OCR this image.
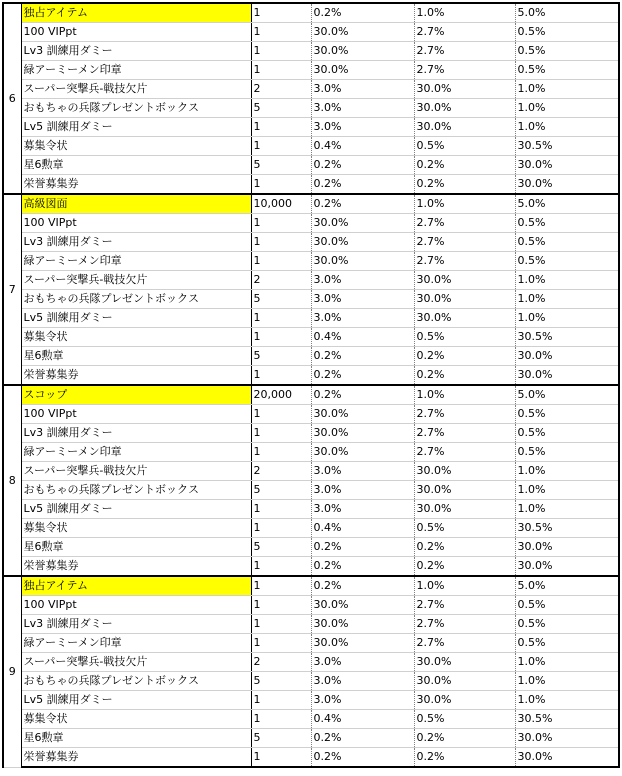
6	独占アイテム	1	0.2%	1.0%	5.0%
	100 VIPpt	1	30.0%	2.7%	0.5%
	Lv3 訓練用ダミー	1	30.0%	2.7%	0.5%
	緑アーミーメン印章	1	30.0%	2.7%	0.5%
	スーパー突撃兵-戦技欠片	2	3.0%	30.0%	1.0%
	おもちゃの兵隊プレゼントボックス	5	3.0%	30.0%	1.0%
	Lv5 訓練用ダミー	1	3.0%	30.0%	1.0%
	募集令状	1	0.4%	0.5%	30.5%
	星6勲章	5	0.2%	0.2%	30.0%
	栄誉募集券	1	0.2%	0.2%	30.0%
7	高級図面	10,000	0.2%	1.0%	5.0%
	100 VIPpt	1	30.0%	2.7%	0.5%
	Lv3 訓練用ダミー	1	30.0%	2.7%	0.5%
	緑アーミーメン印章	1	30.0%	2.7%	0.5%
	スーパー突撃兵-戦技欠片	2	3.0%	30.0%	1.0%
	おもちゃの兵隊プレゼントボックス	5	3.0%	30.0%	1.0%
	Lv5 訓練用ダミー	1	3.0%	30.0%	1.0%
	募集令状	1	0.4%	0.5%	30.5%
	星6勲章	5	0.2%	0.2%	30.0%
	栄誉募集券	1	0.2%	0.2%	30.0%
8	スコップ	20,000	0.2%	1.0%	5.0%
	100 VIPpt	1	30.0%	2.7%	0.5%
	Lv3 訓練用ダミー	1	30.0%	2.7%	0.5%
	緑アーミーメン印章	1	30.0%	2.7%	0.5%
	スーパー突撃兵-戦技欠片	2	3.0%	30.0%	1.0%
	おもちゃの兵隊プレゼントボックス	5	3.0%	30.0%	1.0%
	Lv5 訓練用ダミー	1	3.0%	30.0%	1.0%
	募集令状	1	0.4%	0.5%	30.5%
	星6勲章	5	0.2%	0.2%	30.0%
	栄誉募集券	1	0.2%	0.2%	30.0%
9	独占アイテム	1	0.2%	1.0%	5.0%
	100 VIPpt	1	30.0%	2.7%	0.5%
	Lv3 訓練用ダミー	1	30.0%	2.7%	0.5%
	緑アーミーメン印章	1	30.0%	2.7%	0.5%
	スーパー突撃兵-戦技欠片	2	3.0%	30.0%	1.0%
	おもちゃの兵隊プレゼントボックス	5	3.0%	30.0%	1.0%
	Lv5 訓練用ダミー	1	3.0%	30.0%	1.0%
	募集令状	1	0.4%	0.5%	30.5%
	星6勲章	5	0.2%	0.2%	30.0%
	栄誉募集券	1	0.2%	0.2%	30.0%
